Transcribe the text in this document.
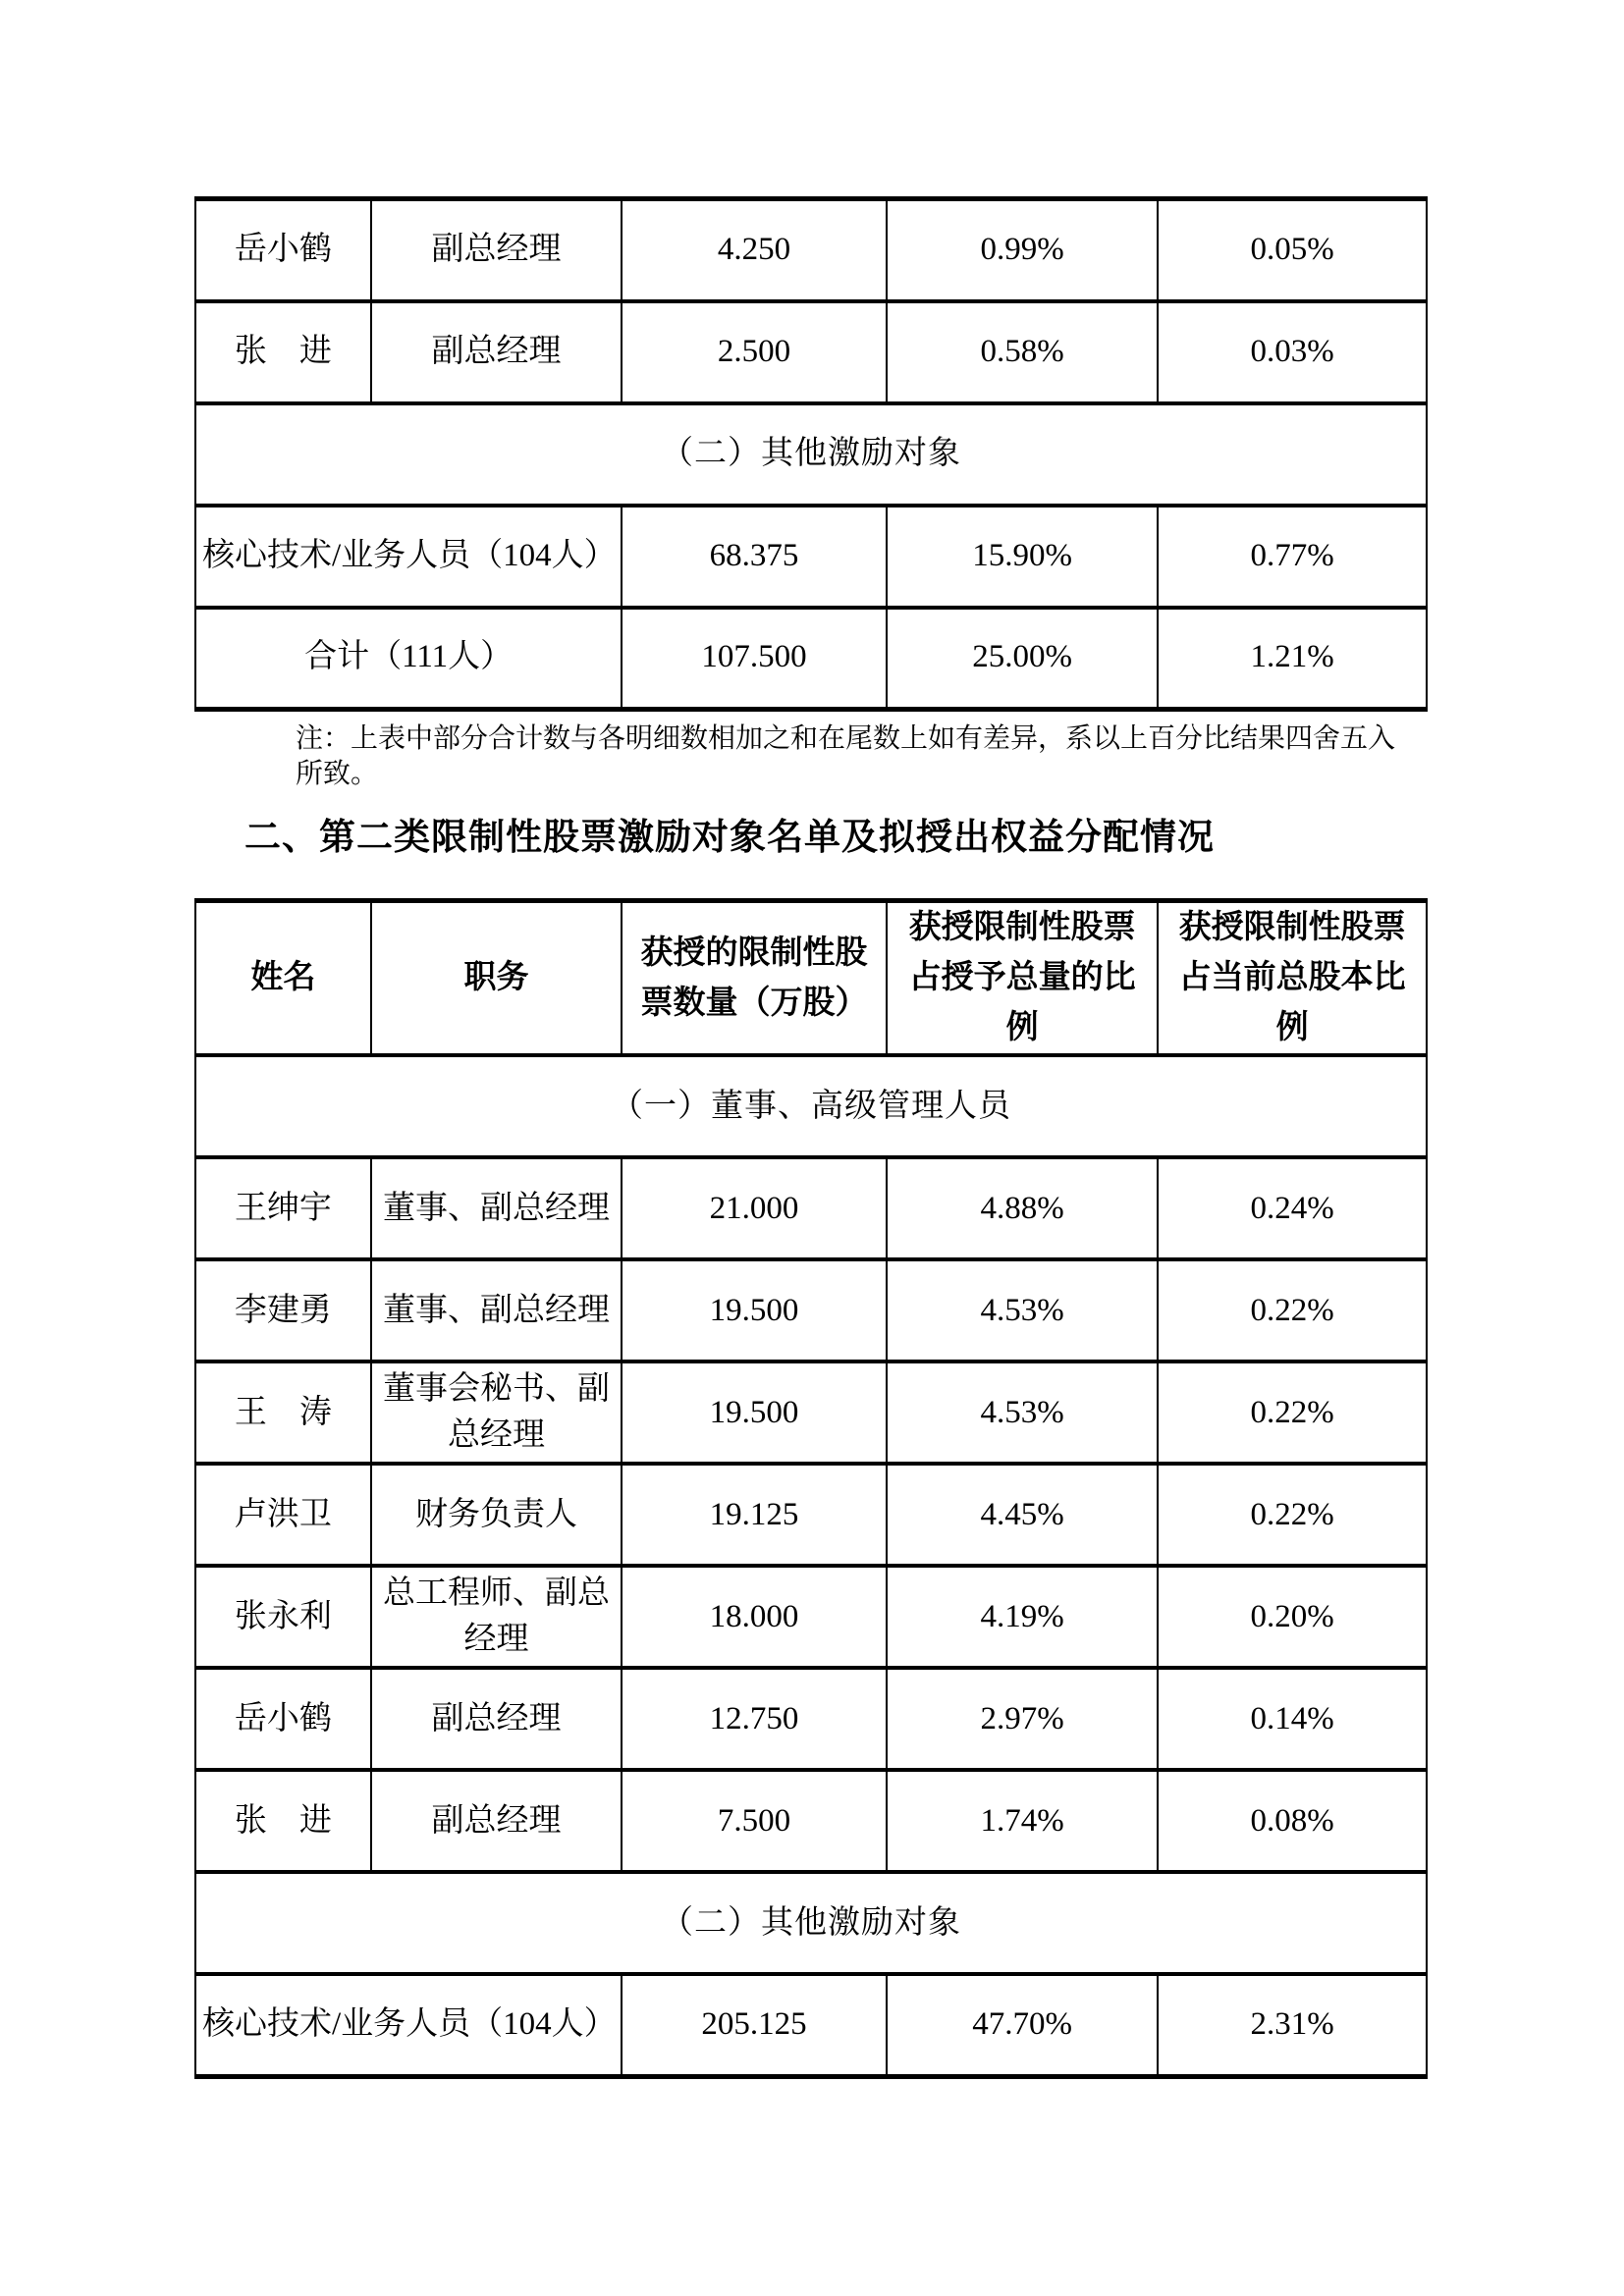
岳小鹤	副总经理	4.250	0.99%	0.05%
张　进	副总经理	2.500	0.58%	0.03%
（二）其他激励对象				
核心技术/业务人员（104人）		68.375	15.90%	0.77%
合计（111人）		107.500	25.00%	1.21%
注：上表中部分合计数与各明细数相加之和在尾数上如有差异，系以上百分比结果四舍五入所致。
二、第二类限制性股票激励对象名单及拟授出权益分配情况
姓名	职务	获授的限制性股票数量（万股）	获授限制性股票占授予总量的比例	获授限制性股票占当前总股本比例
（一）董事、高级管理人员				
王绅宇	董事、副总经理	21.000	4.88%	0.24%
李建勇	董事、副总经理	19.500	4.53%	0.22%
王　涛	董事会秘书、副总经理	19.500	4.53%	0.22%
卢洪卫	财务负责人	19.125	4.45%	0.22%
张永利	总工程师、副总经理	18.000	4.19%	0.20%
岳小鹤	副总经理	12.750	2.97%	0.14%
张　进	副总经理	7.500	1.74%	0.08%
（二）其他激励对象				
核心技术/业务人员（104人）		205.125	47.70%	2.31%
